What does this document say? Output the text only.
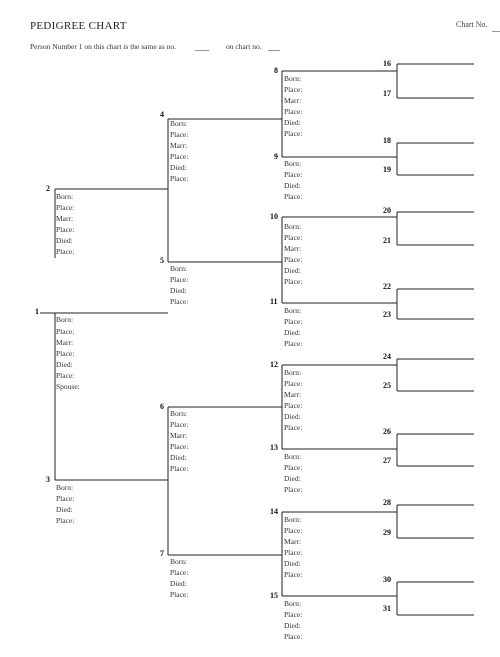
PEDIGREE CHART	Chart No.
Person Number 1 on this chart is the same as no.	on chart no.
1
2
3
4
5
6
7
8
9
10
11
12
13
14
15
16
17
18
19
20
21
22
23
24
25
26
27
28
29
30
31
Born:
Place:
Marr:
Place:
Died:
Place:
Spouse:
Born:
Place:
Marr:
Place:
Died:
Place:
Born:
Place:
Died:
Place:
Born:
Place:
Marr:
Place:
Died:
Place:
Born:
Place:
Died:
Place:
Born:
Place:
Marr:
Place:
Died:
Place:
Born:
Place:
Died:
Place:
Born:
Place:
Marr:
Place:
Died:
Place:
Born:
Place:
Died:
Place:
Born:
Place:
Marr:
Place:
Died:
Place:
Born:
Place:
Died:
Place:
Born:
Place:
Marr:
Place:
Died:
Place:
Born:
Place:
Died:
Place:
Born:
Place:
Marr:
Place:
Died:
Place:
Born:
Place:
Died:
Place:
